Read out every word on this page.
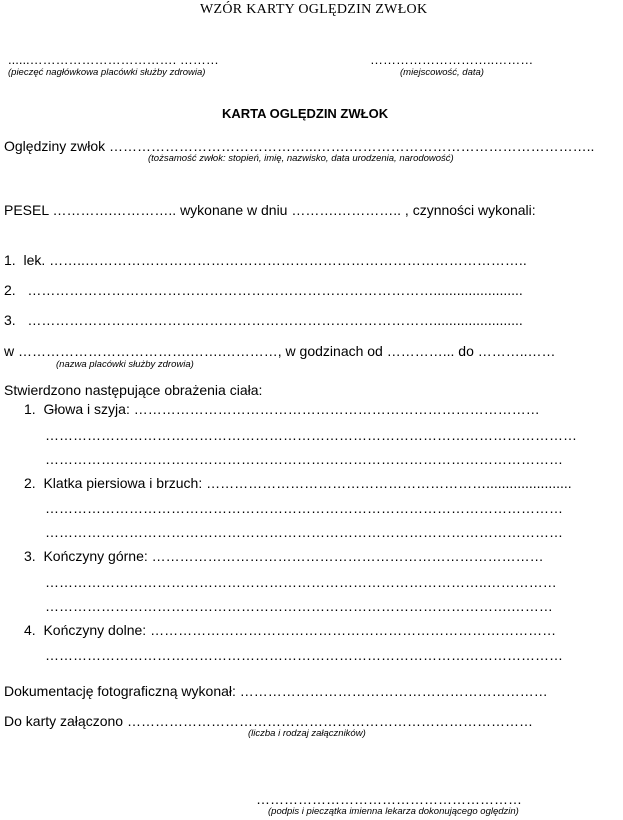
WZÓR KARTY OGLĘDZIN ZWŁOK
......……………………………. ………
(pieczęć nagłówkowa placówki służby zdrowia)
………………………..………
(miejscowość, data)
KARTA OGLĘDZIN ZWŁOK
Oględziny zwłok ……………………………………...…….……………………………………………..
(tożsamość zwłok: stopień, imię, nazwisko, data urodzenia, narodowość)
PESEL ………….………….. wykonane w dniu ……….………….. , czynności wykonali:
1. lek. ……..…………………………………………………………………………………..
2. …………………………………………………………………………….......................
3. …………………………………………………………………………….......................
w ……………………………….…….…………, w godzinach od …………... do ………..……
(nazwa placówki służby zdrowia)
Stwierdzono następujące obrażenia ciała:
1. Głowa i szyja: ……………………………………………………………………………
……………………………………………………………………………………………………
…………………………………………………………………………………………………
2. Klatka piersiowa i brzuch: ……………………………………………………......................
…………………………………………………………………………………………………
…………………………………………………………………………………………………
3. Kończyny górne: …………………………………………………………………………
…………………………………………………………………………………..……………
……………………………………………………………………………………….………
4. Kończyny dolne: ……………………………………………………………………………
…………………………………………………………………………………………………
Dokumentację fotograficzną wykonał: …………………………………………………………
Do karty załączono ……………………………………………………………………………
(liczba i rodzaj załączników)
…………………………………………………
(podpis i pieczątka imienna lekarza dokonującego oględzin)
